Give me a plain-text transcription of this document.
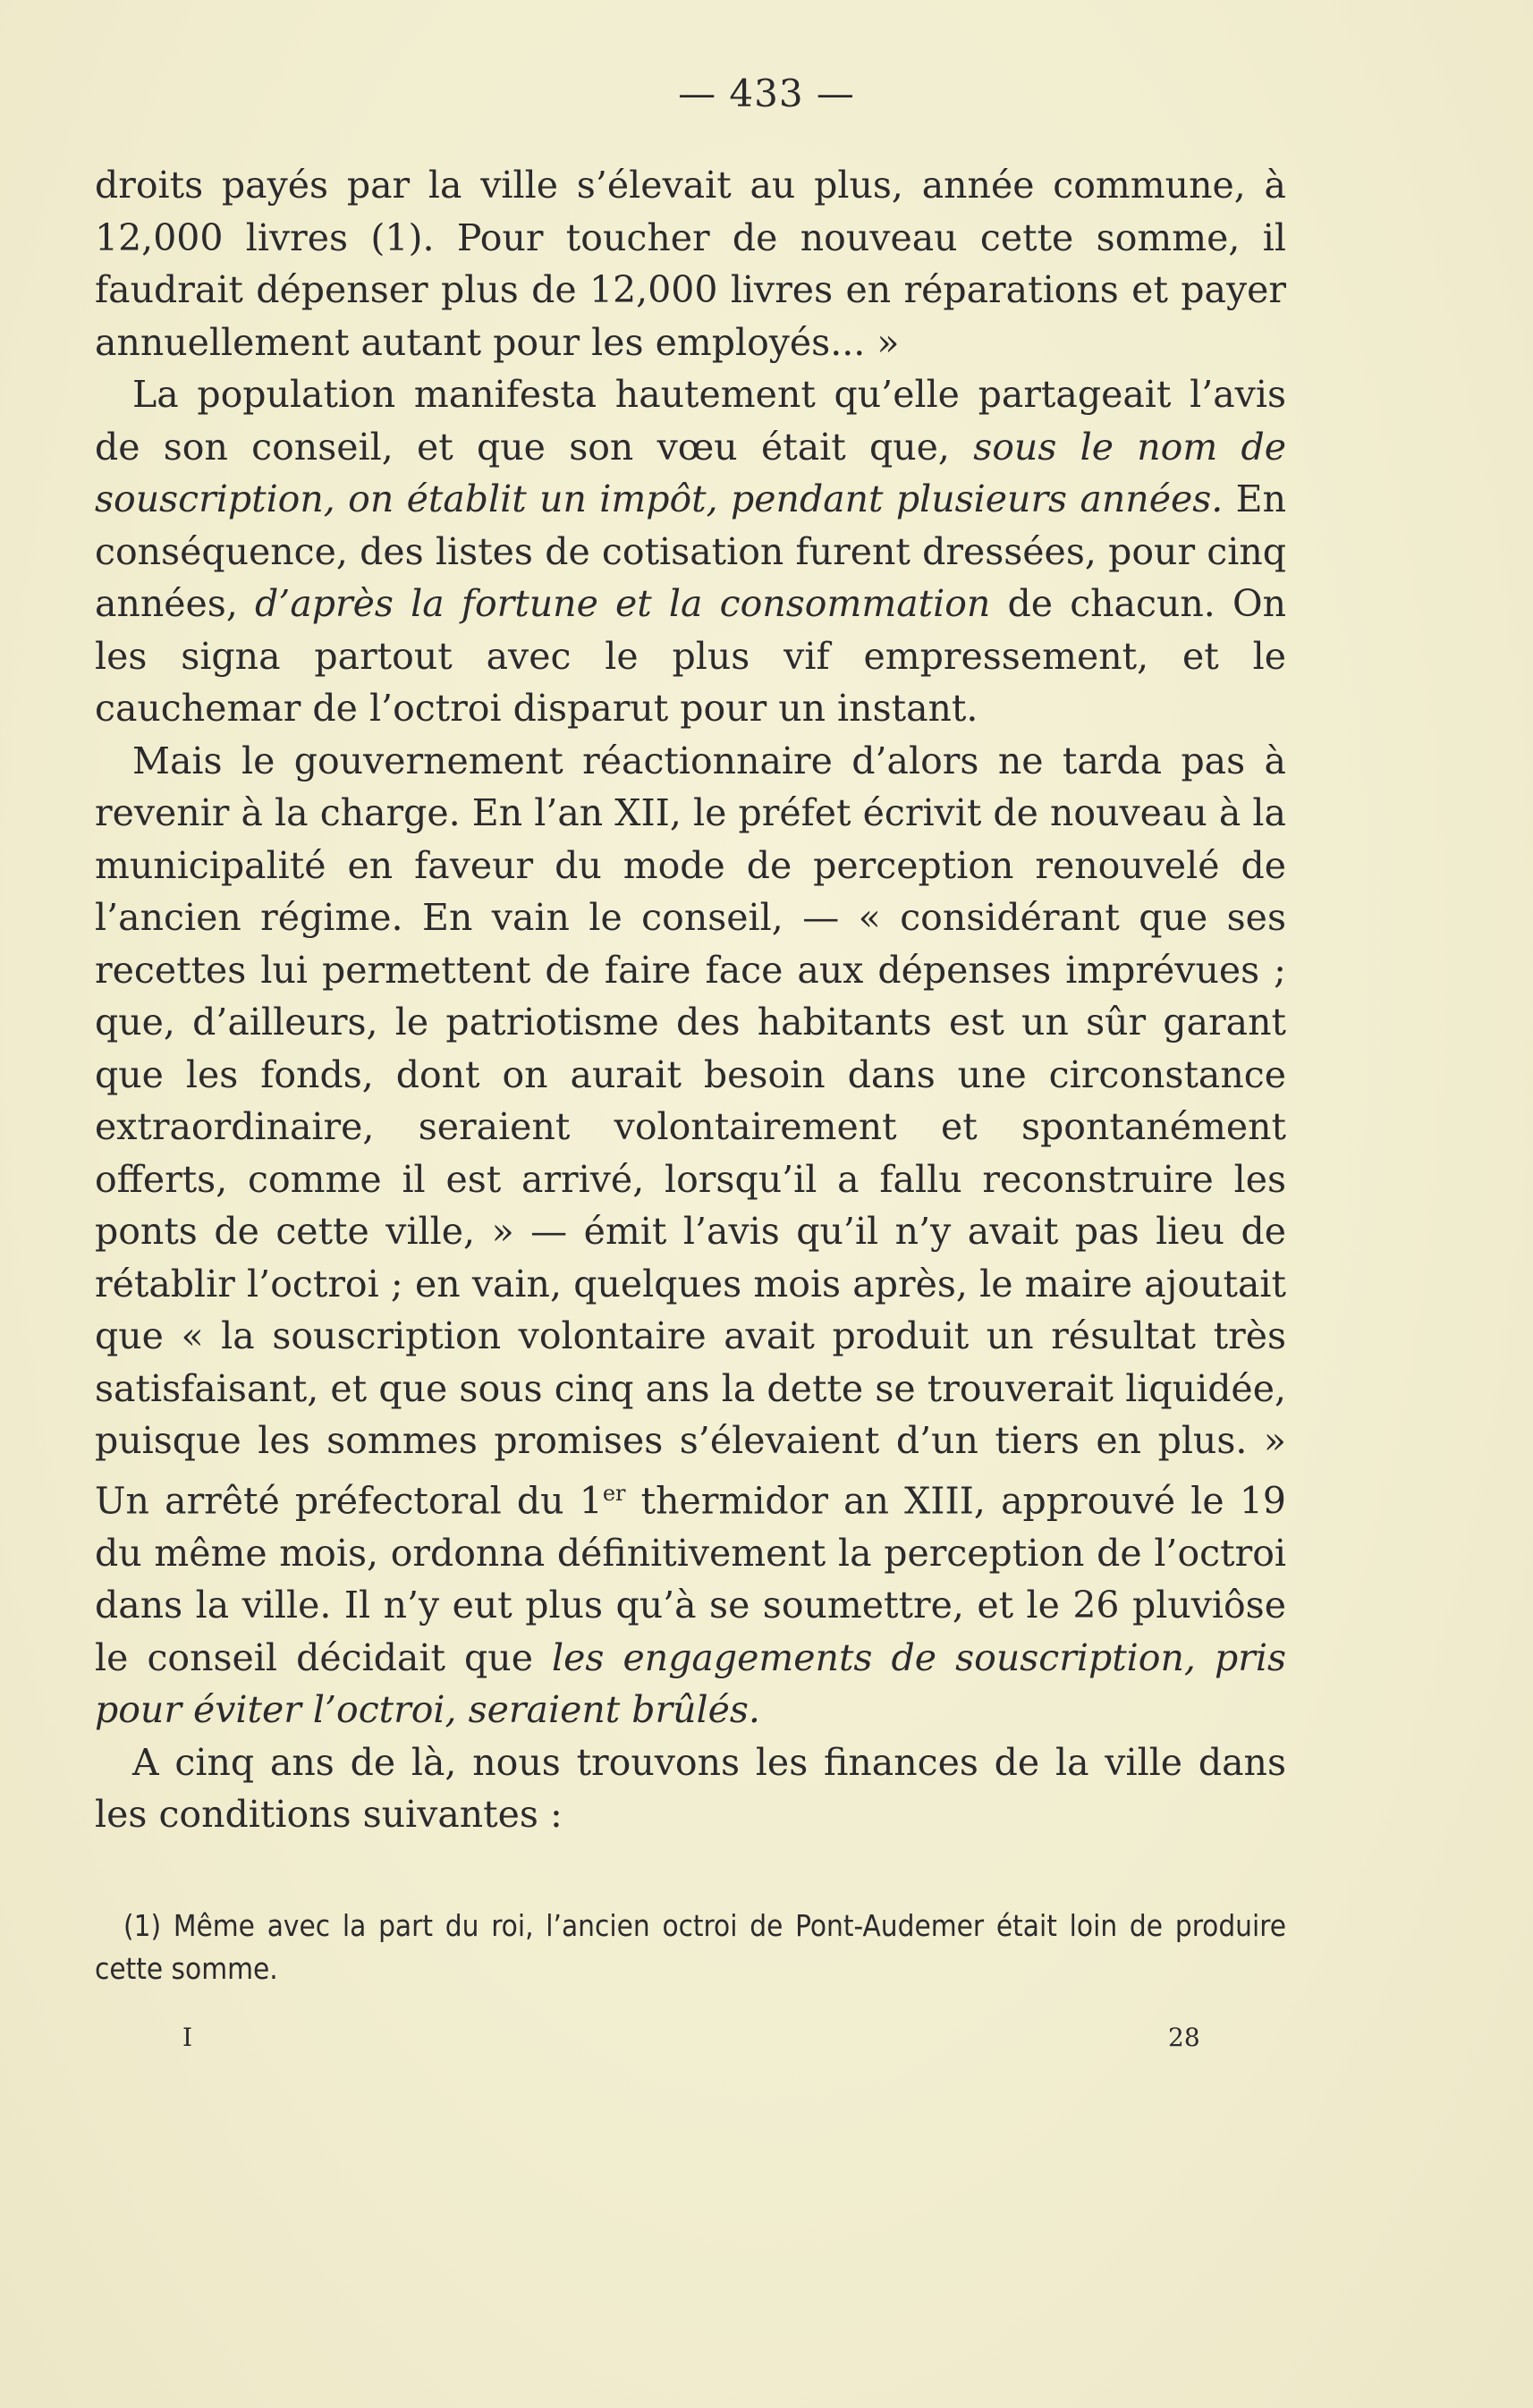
— 433 —

droits payés par la ville s’élevait au plus, année commune, à 12,000 livres (1). Pour toucher de nouveau cette somme, il faudrait dépenser plus de 12,000 livres en réparations et payer annuellement autant pour les employés... »

La population manifesta hautement qu’elle partageait l’avis de son conseil, et que son vœu était que, sous le nom de souscription, on établit un impôt, pendant plusieurs années. En conséquence, des listes de cotisation furent dressées, pour cinq années, d’après la fortune et la consommation de chacun. On les signa partout avec le plus vif empressement, et le cauchemar de l’octroi disparut pour un instant.

Mais le gouvernement réactionnaire d’alors ne tarda pas à revenir à la charge. En l’an XII, le préfet écrivit de nouveau à la municipalité en faveur du mode de perception renouvelé de l’ancien régime. En vain le conseil, — « considérant que ses recettes lui permettent de faire face aux dépenses imprévues ; que, d’ailleurs, le patriotisme des habitants est un sûr garant que les fonds, dont on aurait besoin dans une circonstance extraordinaire, seraient volontairement et spontanément offerts, comme il est arrivé, lorsqu’il a fallu reconstruire les ponts de cette ville, » — émit l’avis qu’il n’y avait pas lieu de rétablir l’octroi ; en vain, quelques mois après, le maire ajoutait que « la souscription volontaire avait produit un résultat très satisfaisant, et que sous cinq ans la dette se trouverait liquidée, puisque les sommes promises s’élevaient d’un tiers en plus. » Un arrêté préfectoral du 1er thermidor an XIII, approuvé le 19 du même mois, ordonna définitivement la perception de l’octroi dans la ville. Il n’y eut plus qu’à se soumettre, et le 26 pluviôse le conseil décidait que les engagements de souscription, pris pour éviter l’octroi, seraient brûlés.

A cinq ans de là, nous trouvons les finances de la ville dans les conditions suivantes :

(1) Même avec la part du roi, l’ancien octroi de Pont-Audemer était loin de produire cette somme.

I	28
